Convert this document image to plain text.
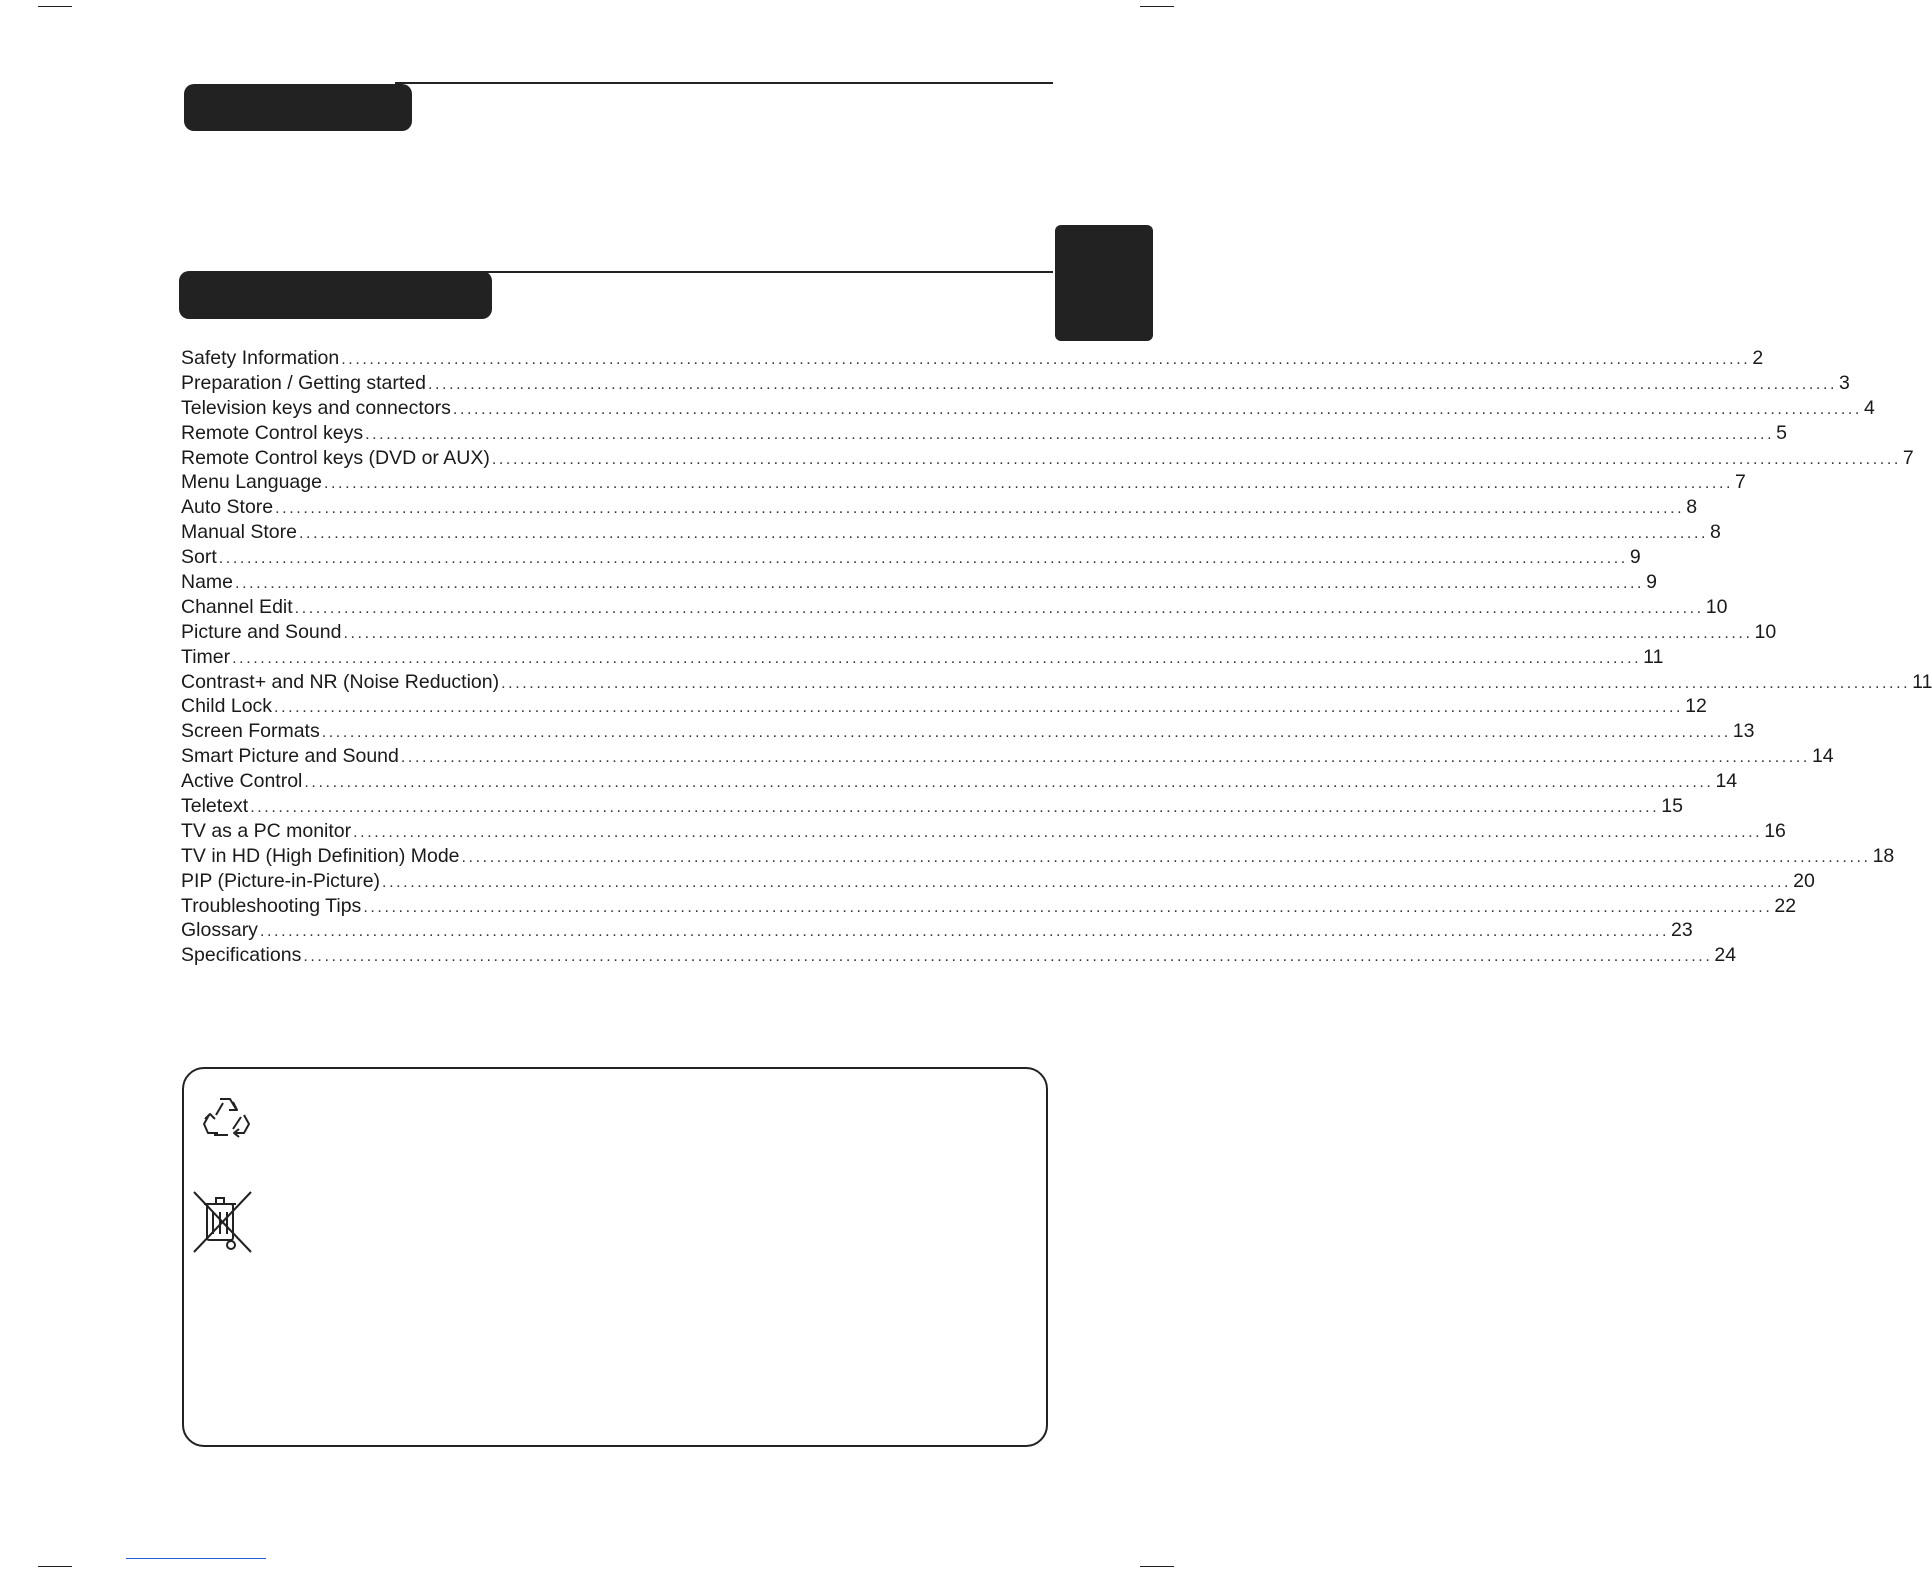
Safety Information ........................................................................................................................................................................................................ 2
Preparation / Getting started ........................................................................................................................................................................................................ 3
Television keys and connectors ........................................................................................................................................................................................................ 4
Remote Control keys ........................................................................................................................................................................................................ 5
Remote Control keys (DVD or AUX) ........................................................................................................................................................................................................ 7
Menu Language ........................................................................................................................................................................................................ 7
Auto Store ........................................................................................................................................................................................................ 8
Manual Store ........................................................................................................................................................................................................ 8
Sort ........................................................................................................................................................................................................ 9
Name ........................................................................................................................................................................................................ 9
Channel Edit ........................................................................................................................................................................................................ 10
Picture and Sound ........................................................................................................................................................................................................ 10
Timer ........................................................................................................................................................................................................ 11
Contrast+ and NR (Noise Reduction) ........................................................................................................................................................................................................ 11
Child Lock ........................................................................................................................................................................................................ 12
Screen Formats ........................................................................................................................................................................................................ 13
Smart Picture and Sound ........................................................................................................................................................................................................ 14
Active Control ........................................................................................................................................................................................................ 14
Teletext ........................................................................................................................................................................................................ 15
TV as a PC monitor ........................................................................................................................................................................................................ 16
TV in HD (High Definition) Mode ........................................................................................................................................................................................................ 18
PIP (Picture-in-Picture) ........................................................................................................................................................................................................ 20
Troubleshooting Tips ........................................................................................................................................................................................................ 22
Glossary ........................................................................................................................................................................................................ 23
Specifications ........................................................................................................................................................................................................ 24
